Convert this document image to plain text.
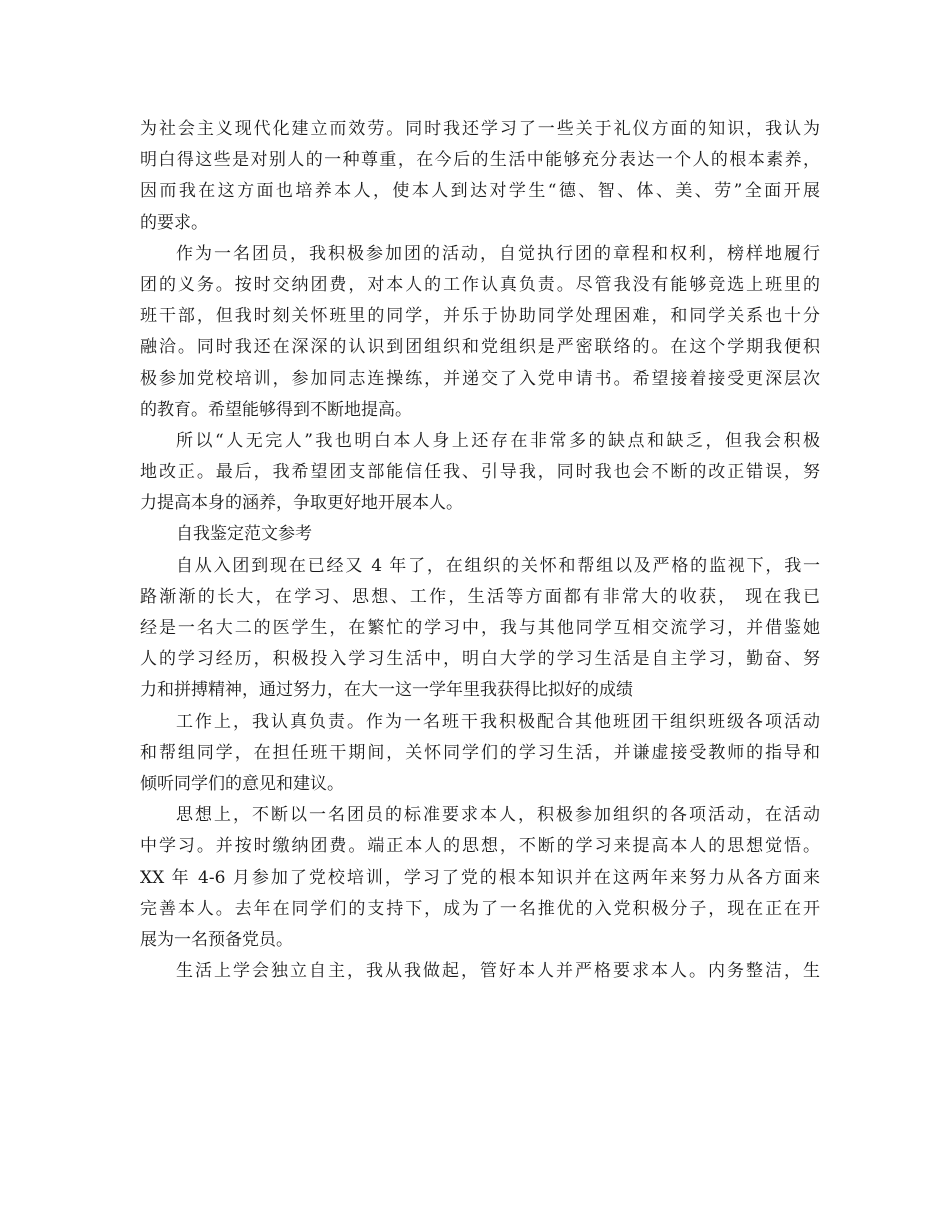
为社会主义现代化建立而效劳。同时我还学习了一些关于礼仪方面的知识，我认为
明白得这些是对别人的一种尊重，在今后的生活中能够充分表达一个人的根本素养，
因而我在这方面也培养本人，使本人到达对学生“德、智、体、美、劳”全面开展
的要求。
作为一名团员，我积极参加团的活动，自觉执行团的章程和权利，榜样地履行
团的义务。按时交纳团费，对本人的工作认真负责。尽管我没有能够竞选上班里的
班干部，但我时刻关怀班里的同学，并乐于协助同学处理困难，和同学关系也十分
融洽。同时我还在深深的认识到团组织和党组织是严密联络的。在这个学期我便积
极参加党校培训，参加同志连操练，并递交了入党申请书。希望接着接受更深层次
的教育。希望能够得到不断地提高。
所以“人无完人”我也明白本人身上还存在非常多的缺点和缺乏，但我会积极
地改正。最后，我希望团支部能信任我、引导我，同时我也会不断的改正错误，努
力提高本身的涵养，争取更好地开展本人。
自我鉴定范文参考
自从入团到现在已经又 4 年了，在组织的关怀和帮组以及严格的监视下，我一
路渐渐的长大，在学习、思想、工作，生活等方面都有非常大的收获， 现在我已
经是一名大二的医学生，在繁忙的学习中，我与其他同学互相交流学习，并借鉴她
人的学习经历，积极投入学习生活中，明白大学的学习生活是自主学习，勤奋、努
力和拼搏精神，通过努力，在大一这一学年里我获得比拟好的成绩
工作上，我认真负责。作为一名班干我积极配合其他班团干组织班级各项活动
和帮组同学，在担任班干期间，关怀同学们的学习生活，并谦虚接受教师的指导和
倾听同学们的意见和建议。
思想上，不断以一名团员的标准要求本人，积极参加组织的各项活动，在活动
中学习。并按时缴纳团费。端正本人的思想，不断的学习来提高本人的思想觉悟。
XX 年 4-6 月参加了党校培训，学习了党的根本知识并在这两年来努力从各方面来
完善本人。去年在同学们的支持下，成为了一名推优的入党积极分子，现在正在开
展为一名预备党员。
生活上学会独立自主，我从我做起，管好本人并严格要求本人。内务整洁，生
